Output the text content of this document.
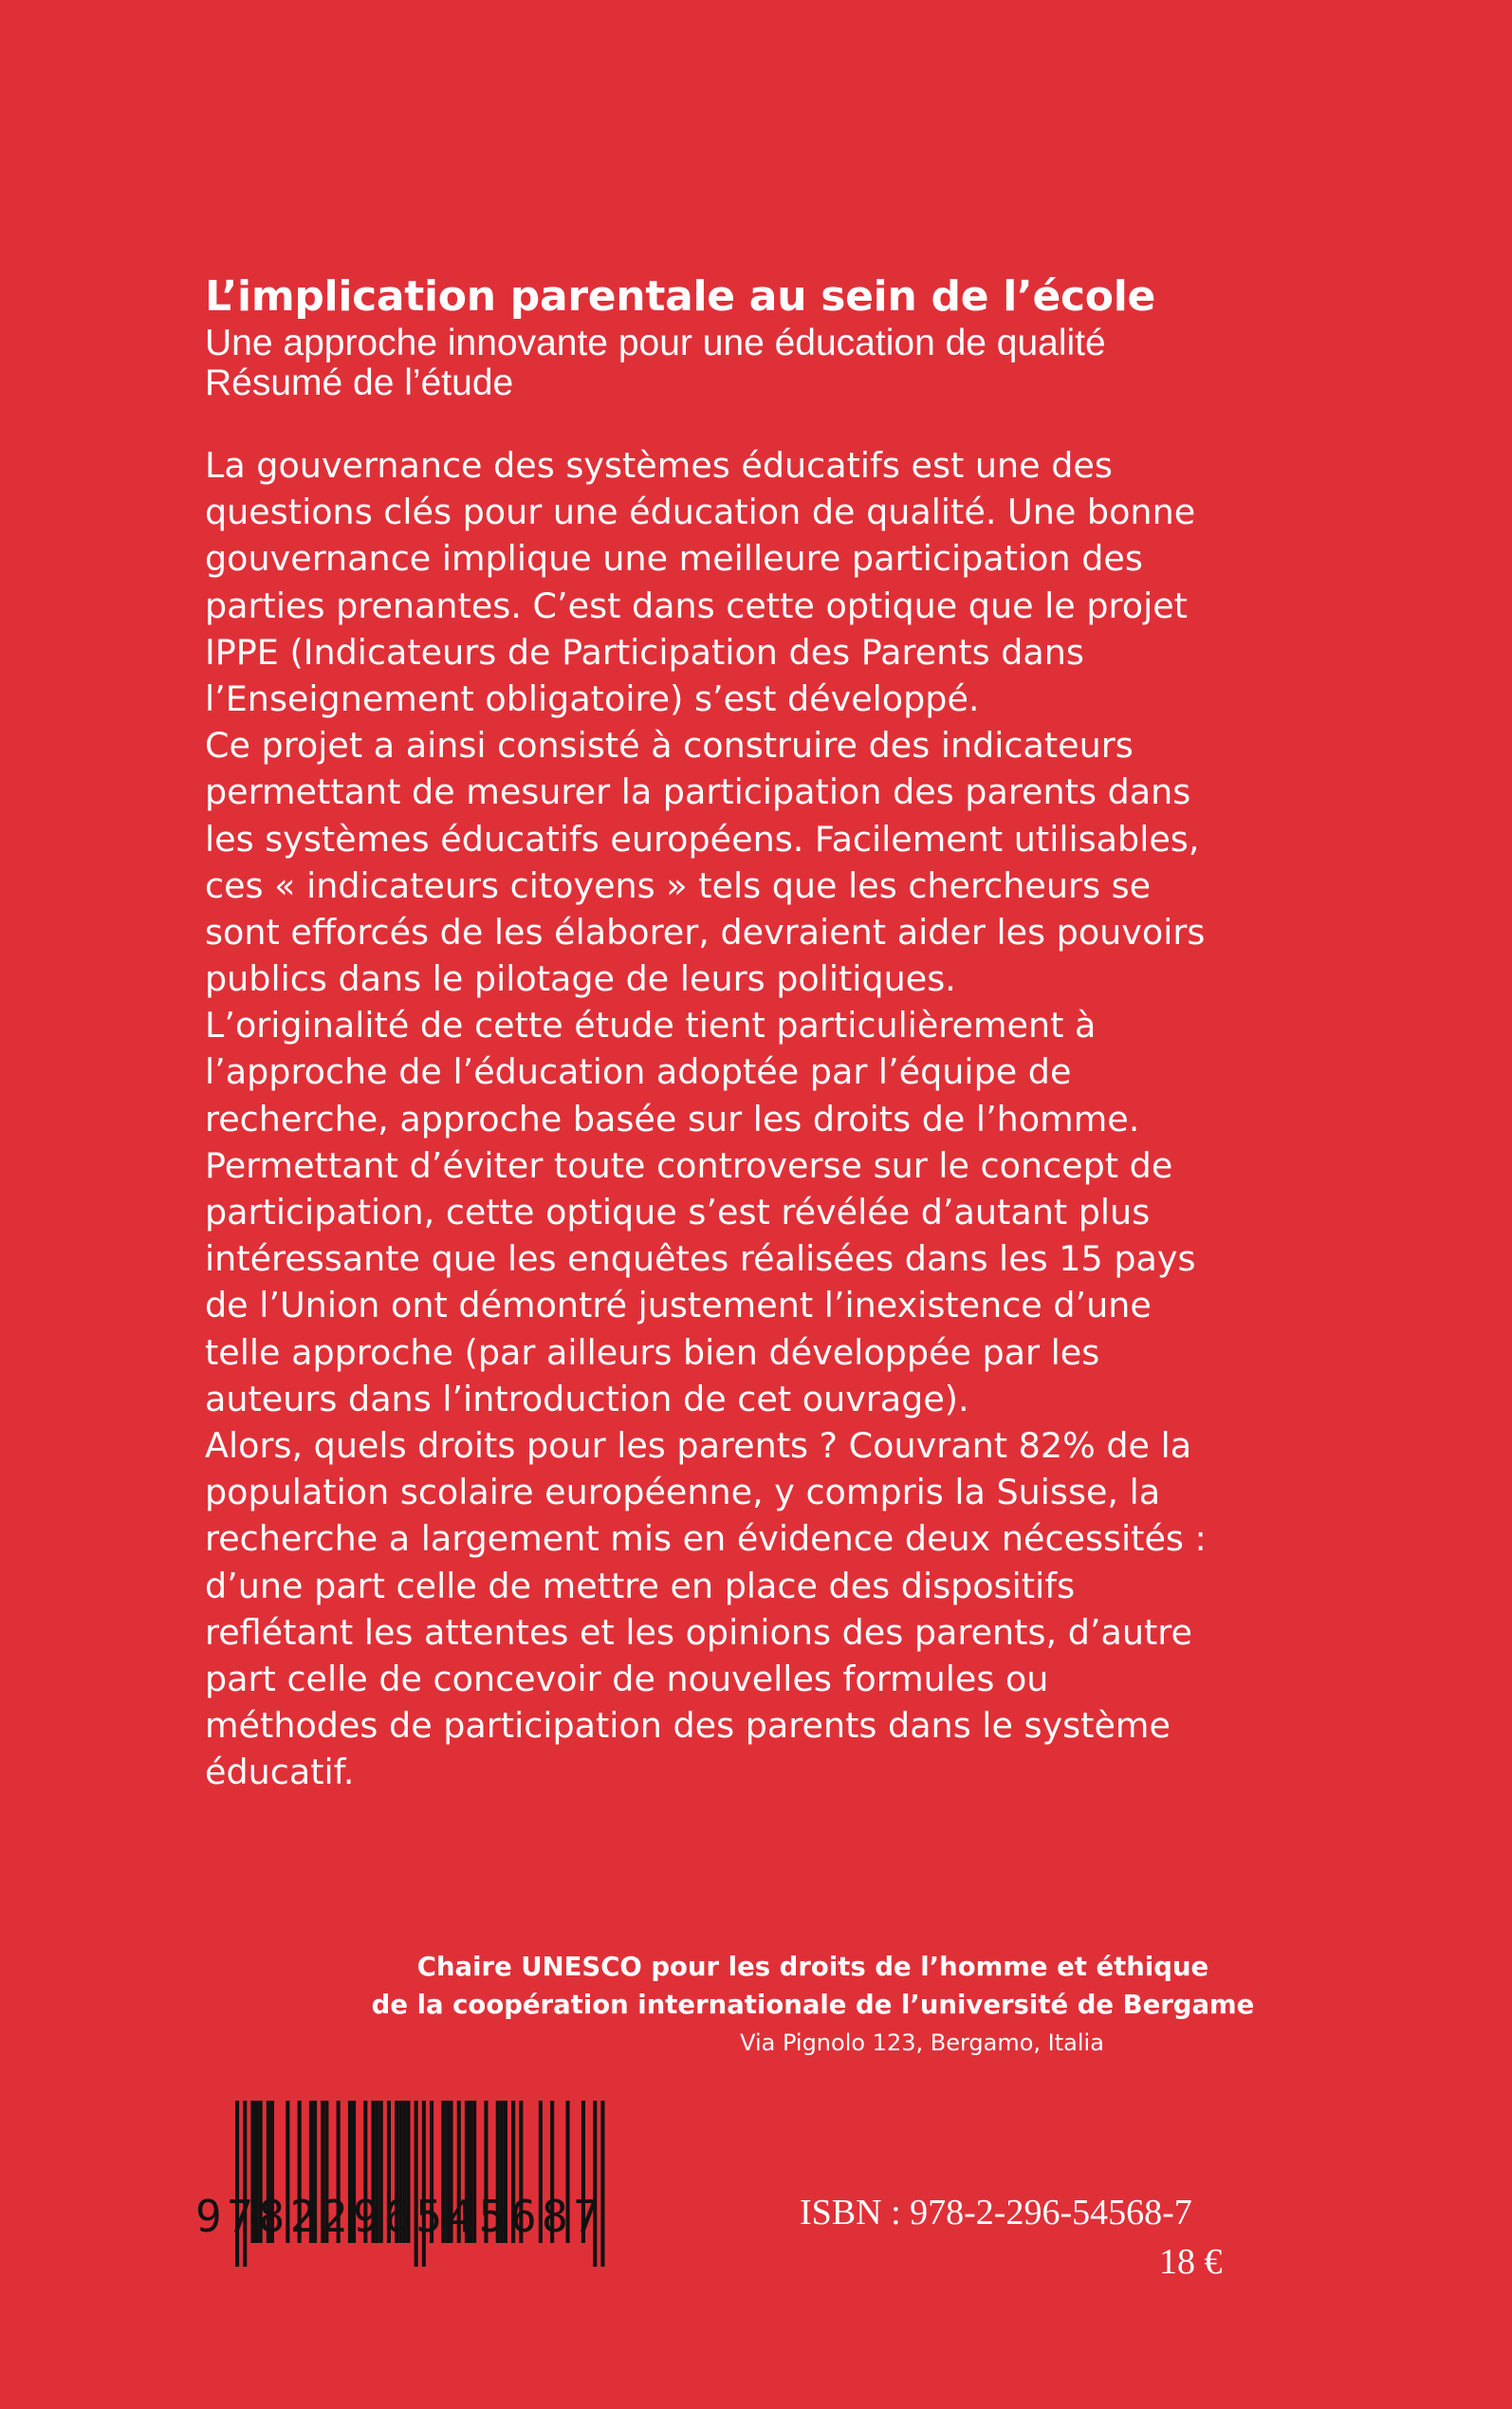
L’implication parentale au sein de l’école
Une approche innovante pour une éducation de qualité
Résumé de l’étude
La gouvernance des systèmes éducatifs est une des
questions clés pour une éducation de qualité. Une bonne
gouvernance implique une meilleure participation des
parties prenantes. C’est dans cette optique que le projet
IPPE (Indicateurs de Participation des Parents dans
l’Enseignement obligatoire) s’est développé.
Ce projet a ainsi consisté à construire des indicateurs
permettant de mesurer la participation des parents dans
les systèmes éducatifs européens. Facilement utilisables,
ces « indicateurs citoyens » tels que les chercheurs se
sont efforcés de les élaborer, devraient aider les pouvoirs
publics dans le pilotage de leurs politiques.
L’originalité de cette étude tient particulièrement à
l’approche de l’éducation adoptée par l’équipe de
recherche, approche basée sur les droits de l’homme.
Permettant d’éviter toute controverse sur le concept de
participation, cette optique s’est révélée d’autant plus
intéressante que les enquêtes réalisées dans les 15 pays
de l’Union ont démontré justement l’inexistence d’une
telle approche (par ailleurs bien développée par les
auteurs dans l’introduction de cet ouvrage).
Alors, quels droits pour les parents ? Couvrant 82% de la
population scolaire européenne, y compris la Suisse, la
recherche a largement mis en évidence deux nécessités :
d’une part celle de mettre en place des dispositifs
reflétant les attentes et les opinions des parents, d’autre
part celle de concevoir de nouvelles formules ou
méthodes de participation des parents dans le système
éducatif.
Chaire UNESCO pour les droits de l’homme et éthique
de la coopération internationale de l’université de Bergame
Via Pignolo 123, Bergamo, Italia
9782296545687	ISBN : 978-2-296-54568-7
18 €
